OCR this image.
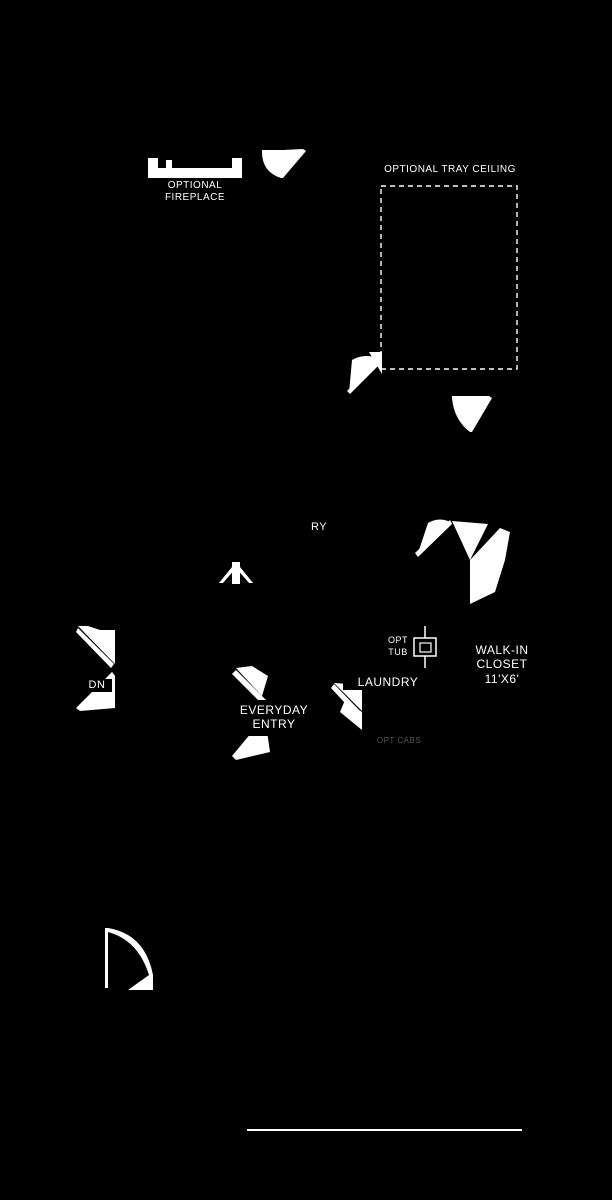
OPTIONAL
FIREPLACE
OPTIONAL TRAY CEILING
RY
DN
OPT
TUB
LAUNDRY
WALK-IN
CLOSET
11'X6'
EVERYDAY
ENTRY
OPT CABS
